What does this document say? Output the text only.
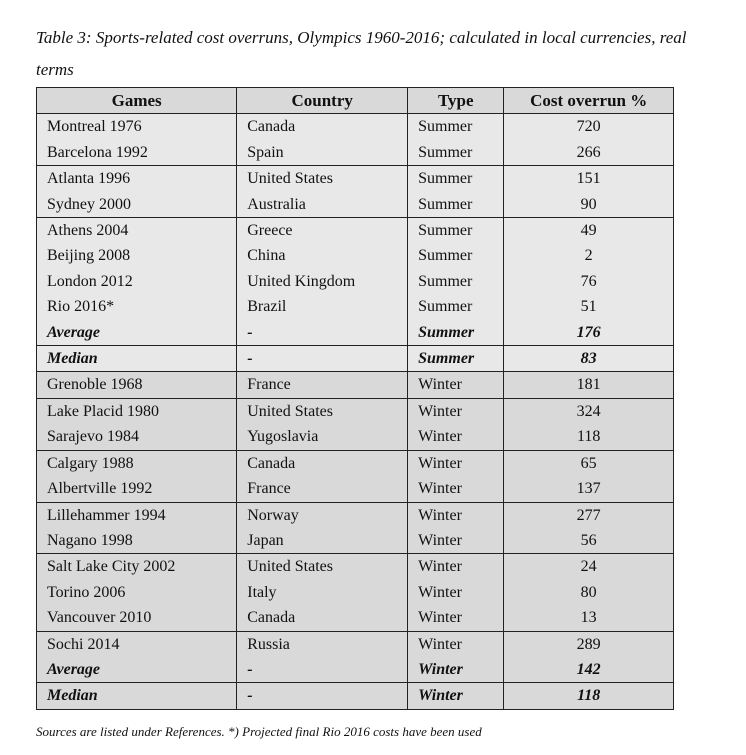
Table 3: Sports-related cost overruns, Olympics 1960-2016; calculated in local currencies, real terms
Games	Country	Type	Cost overrun %
Montreal 1976	Canada	Summer	720
Barcelona 1992	Spain	Summer	266
Atlanta 1996	United States	Summer	151
Sydney 2000	Australia	Summer	90
Athens 2004	Greece	Summer	49
Beijing 2008	China	Summer	2
London 2012	United Kingdom	Summer	76
Rio 2016*	Brazil	Summer	51
Average	-	Summer	176
Median	-	Summer	83
Grenoble 1968	France	Winter	181
Lake Placid 1980	United States	Winter	324
Sarajevo 1984	Yugoslavia	Winter	118
Calgary 1988	Canada	Winter	65
Albertville 1992	France	Winter	137
Lillehammer 1994	Norway	Winter	277
Nagano 1998	Japan	Winter	56
Salt Lake City 2002	United States	Winter	24
Torino 2006	Italy	Winter	80
Vancouver 2010	Canada	Winter	13
Sochi 2014	Russia	Winter	289
Average	-	Winter	142
Median	-	Winter	118
Sources are listed under References. *) Projected final Rio 2016 costs have been used
